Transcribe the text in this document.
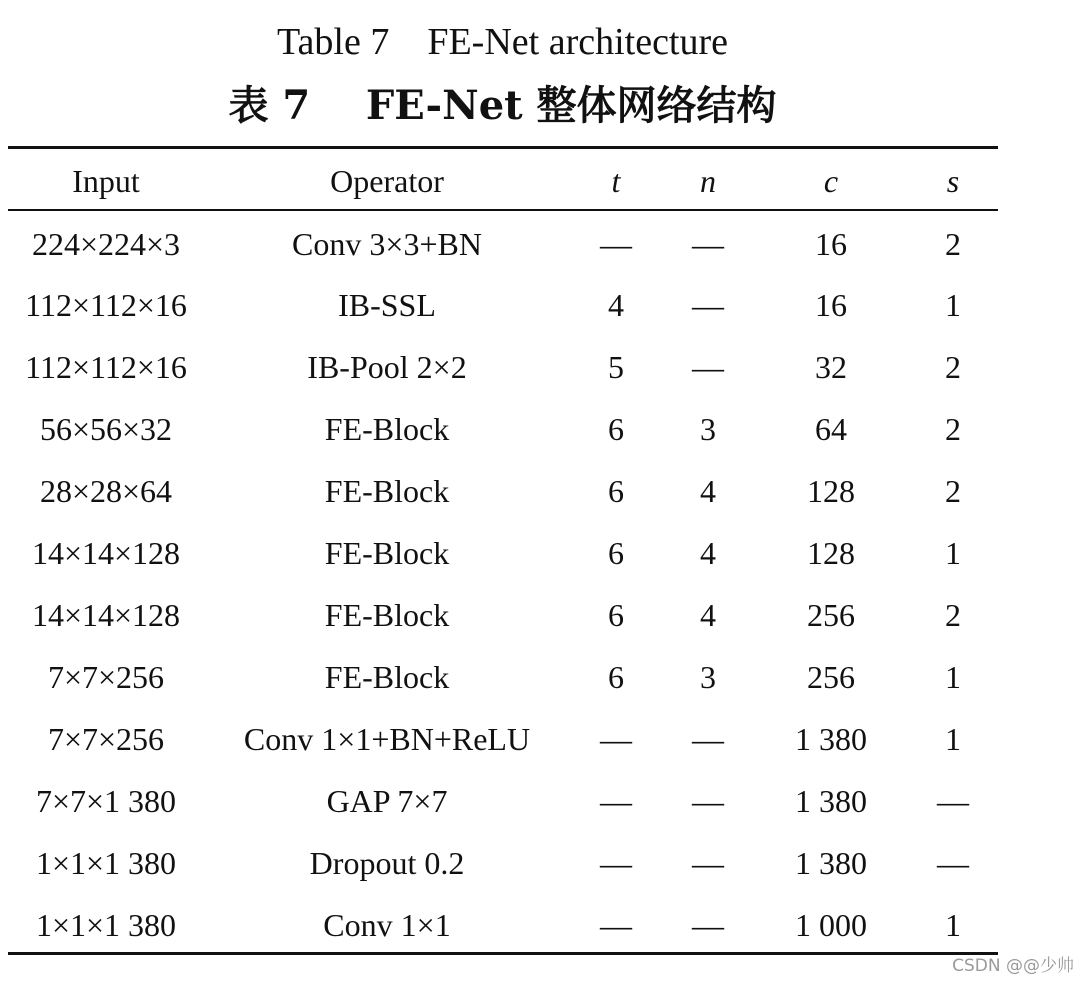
Table 7    FE-Net architecture
表 7    FE-Net 整体网络结构
Input	Operator	t	n	c	s
224×224×3	Conv 3×3+BN	—	—	16	2
112×112×16	IB-SSL	4	—	16	1
112×112×16	IB-Pool 2×2	5	—	32	2
56×56×32	FE-Block	6	3	64	2
28×28×64	FE-Block	6	4	128	2
14×14×128	FE-Block	6	4	128	1
14×14×128	FE-Block	6	4	256	2
7×7×256	FE-Block	6	3	256	1
7×7×256	Conv 1×1+BN+ReLU	—	—	1 380	1
7×7×1 380	GAP 7×7	—	—	1 380	—
1×1×1 380	Dropout 0.2	—	—	1 380	—
1×1×1 380	Conv 1×1	—	—	1 000	1
CSDN @@少帅
